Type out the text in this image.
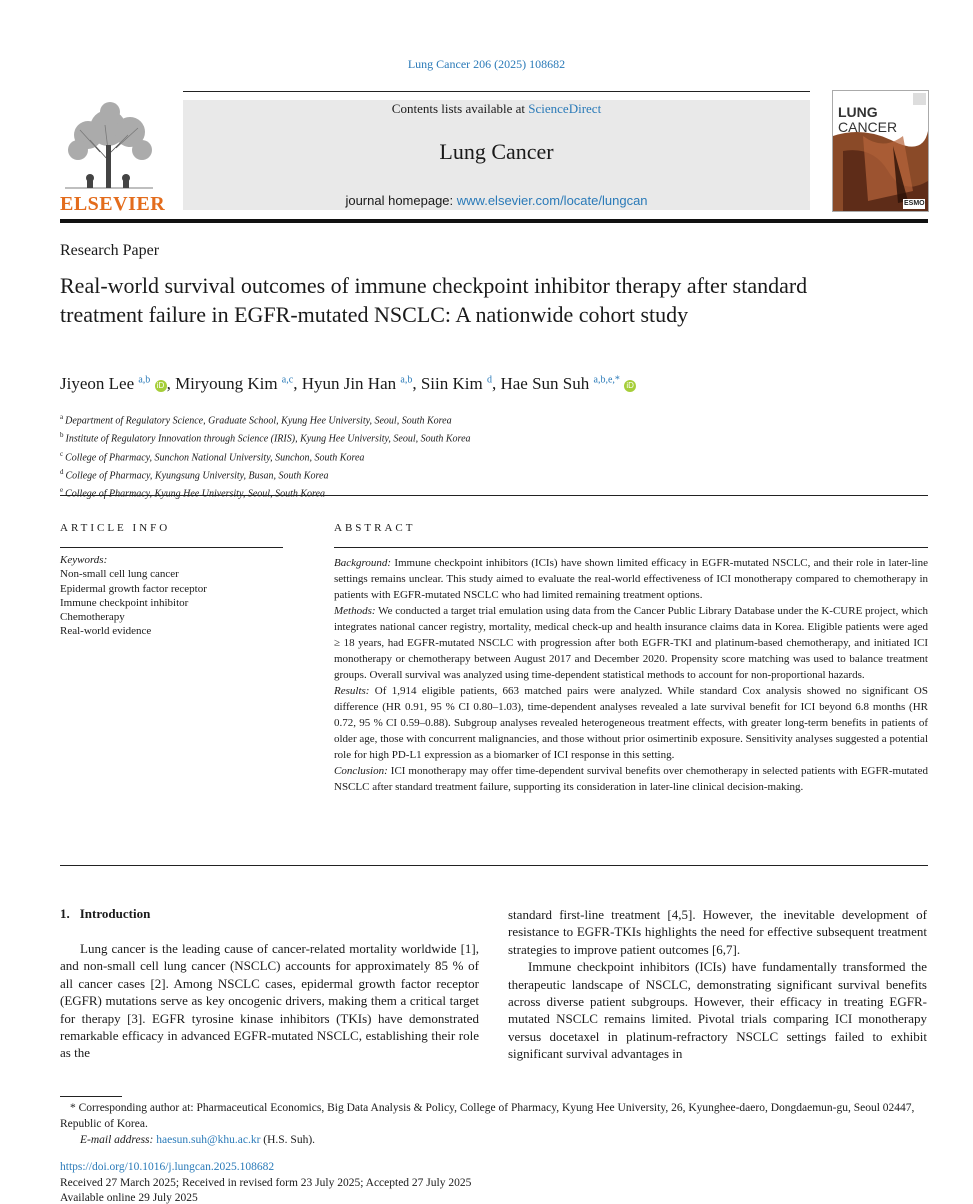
Lung Cancer 206 (2025) 108682
ELSEVIER
Contents lists available at ScienceDirect
Lung Cancer
journal homepage: www.elsevier.com/locate/lungcan
LUNG
CANCER
ESMO
Research Paper
Real-world survival outcomes of immune checkpoint inhibitor therapy after standard treatment failure in EGFR-mutated NSCLC: A nationwide cohort study
Jiyeon Lee $^{a,b}$ iD , Miryoung Kim $^{a,c}$, Hyun Jin Han $^{a,b}$, Siin Kim $^d$, Hae Sun Suh $^{a,b,e,*}$ iD
$^a$ Department of Regulatory Science, Graduate School, Kyung Hee University, Seoul, South Korea
$^b$ Institute of Regulatory Innovation through Science (IRIS), Kyung Hee University, Seoul, South Korea
$^c$ College of Pharmacy, Sunchon National University, Sunchon, South Korea
$^d$ College of Pharmacy, Kyungsung University, Busan, South Korea
$^e$ College of Pharmacy, Kyung Hee University, Seoul, South Korea
ARTICLE INFO
Keywords:
Non-small cell lung cancer
Epidermal growth factor receptor
Immune checkpoint inhibitor
Chemotherapy
Real-world evidence
ABSTRACT

Background: Immune checkpoint inhibitors (ICIs) have shown limited efficacy in EGFR-mutated NSCLC, and their role in later-line settings remains unclear. This study aimed to evaluate the real-world effectiveness of ICI monotherapy compared to chemotherapy in patients with EGFR-mutated NSCLC who had limited remaining treatment options.

Methods: We conducted a target trial emulation using data from the Cancer Public Library Database under the K-CURE project, which integrates national cancer registry, mortality, medical check-up and health insurance claims data in Korea. Eligible patients were aged ≥ 18 years, had EGFR-mutated NSCLC with progression after both EGFR-TKI and platinum-based chemotherapy, and initiated ICI monotherapy or chemotherapy between August 2017 and December 2020. Propensity score matching was used to balance treatment groups. Overall survival was analyzed using time-dependent statistical methods to account for non-proportional hazards.

Results: Of 1,914 eligible patients, 663 matched pairs were analyzed. While standard Cox analysis showed no significant OS difference (HR 0.91, 95 % CI 0.80–1.03), time-dependent analyses revealed a late survival benefit for ICI beyond 6.8 months (HR 0.72, 95 % CI 0.59–0.88). Subgroup analyses revealed heterogeneous treatment effects, with greater long-term benefits in patients of older age, those with concurrent malignancies, and those without prior osimertinib exposure. Sensitivity analyses suggested a potential role for high PD-L1 expression as a biomarker of ICI response in this setting.

Conclusion: ICI monotherapy may offer time-dependent survival benefits over chemotherapy in selected patients with EGFR-mutated NSCLC after standard treatment failure, supporting its consideration in later-line clinical decision-making.

1. Introduction

Lung cancer is the leading cause of cancer-related mortality worldwide [1], and non-small cell lung cancer (NSCLC) accounts for approximately 85 % of all cancer cases [2]. Among NSCLC cases, epidermal growth factor receptor (EGFR) mutations serve as key oncogenic drivers, making them a critical target for therapy [3]. EGFR tyrosine kinase inhibitors (TKIs) have demonstrated remarkable efficacy in advanced EGFR-mutated NSCLC, establishing their role as the

standard first-line treatment [4,5]. However, the inevitable development of resistance to EGFR-TKIs highlights the need for effective subsequent treatment strategies to improve patient outcomes [6,7].

Immune checkpoint inhibitors (ICIs) have fundamentally transformed the therapeutic landscape of NSCLC, demonstrating significant survival benefits across diverse patient subgroups. However, their efficacy in treating EGFR-mutated NSCLC remains limited. Pivotal trials comparing ICI monotherapy versus docetaxel in platinum-refractory NSCLC settings failed to exhibit significant survival advantages in

* Corresponding author at: Pharmaceutical Economics, Big Data Analysis & Policy, College of Pharmacy, Kyung Hee University, 26, Kyunghee-daero, Dongdaemun-gu, Seoul 02447, Republic of Korea.
E-mail address: haesun.suh@khu.ac.kr (H.S. Suh).
https://doi.org/10.1016/j.lungcan.2025.108682
Received 27 March 2025; Received in revised form 23 July 2025; Accepted 27 July 2025
Available online 29 July 2025
